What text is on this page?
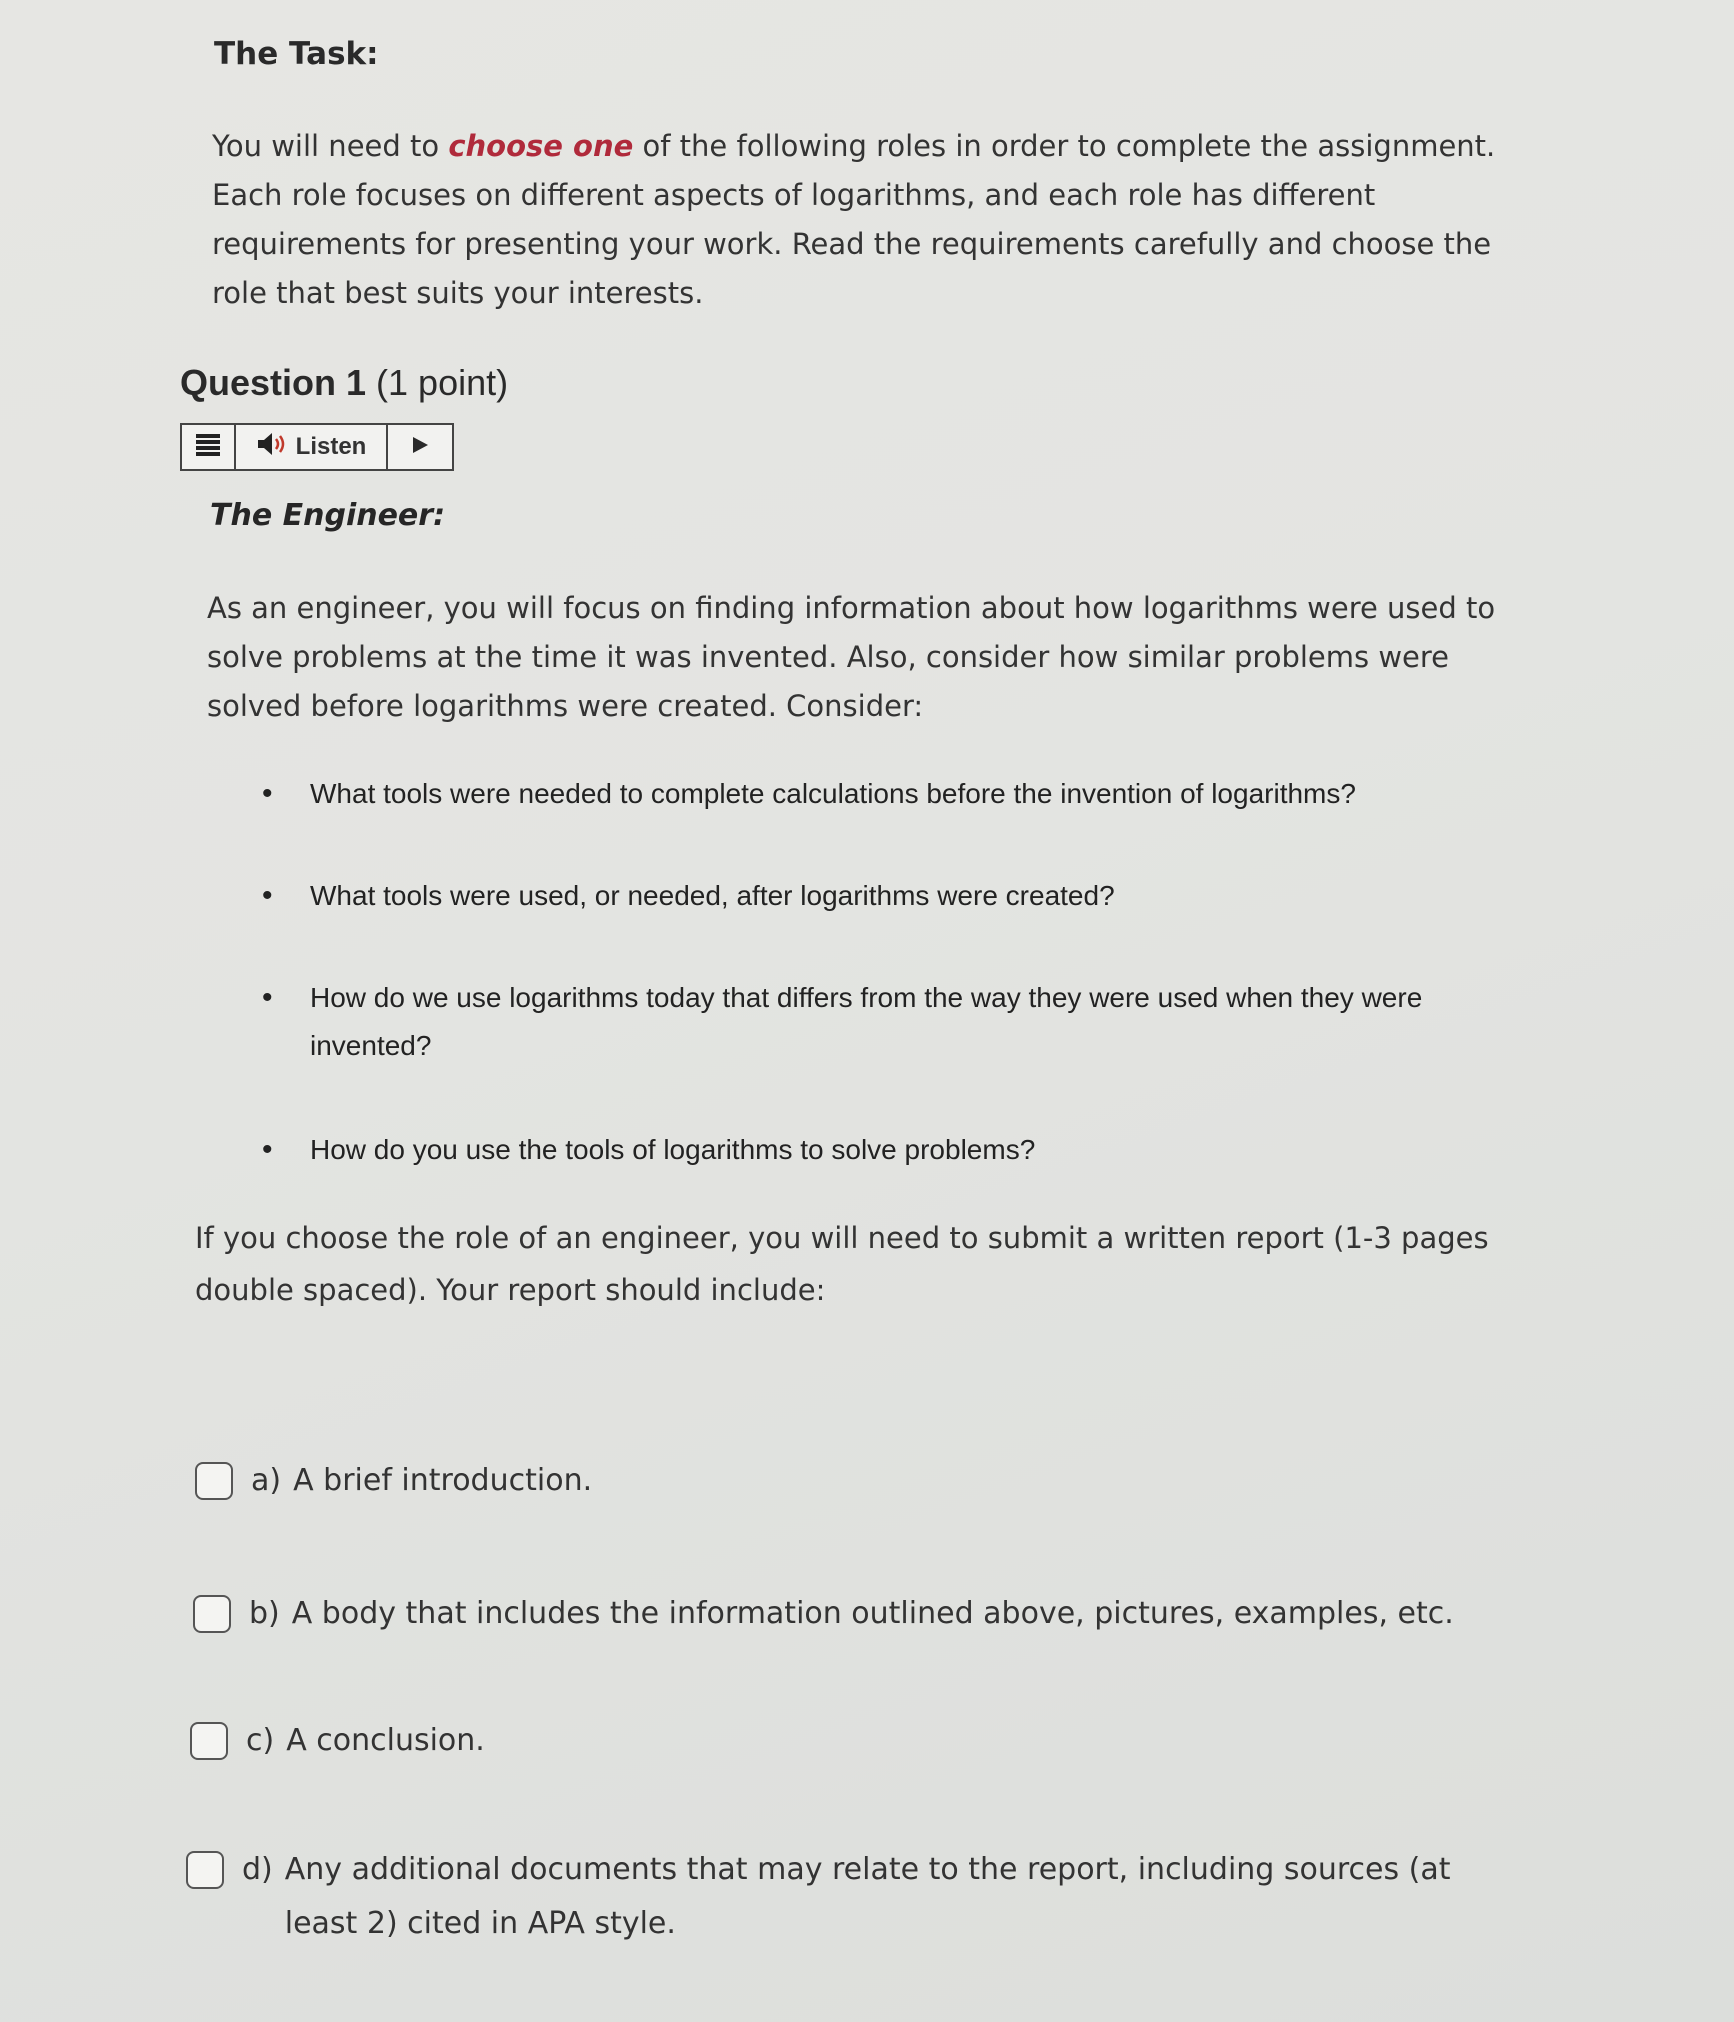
The Task:
You will need to choose one of the following roles in order to complete the assignment. Each role focuses on different aspects of logarithms, and each role has different requirements for presenting your work. Read the requirements carefully and choose the role that best suits your interests.
Question 1 (1 point)
Listen
The Engineer:
As an engineer, you will focus on finding information about how logarithms were used to solve problems at the time it was invented. Also, consider how similar problems were solved before logarithms were created. Consider:
• What tools were needed to complete calculations before the invention of logarithms?
• What tools were used, or needed, after logarithms were created?
• How do we use logarithms today that differs from the way they were used when they were invented?
• How do you use the tools of logarithms to solve problems?
If you choose the role of an engineer, you will need to submit a written report (1-3 pages double spaced). Your report should include:
a) A brief introduction.
b) A body that includes the information outlined above, pictures, examples, etc.
c) A conclusion.
d) Any additional documents that may relate to the report, including sources (at least 2) cited in APA style.
